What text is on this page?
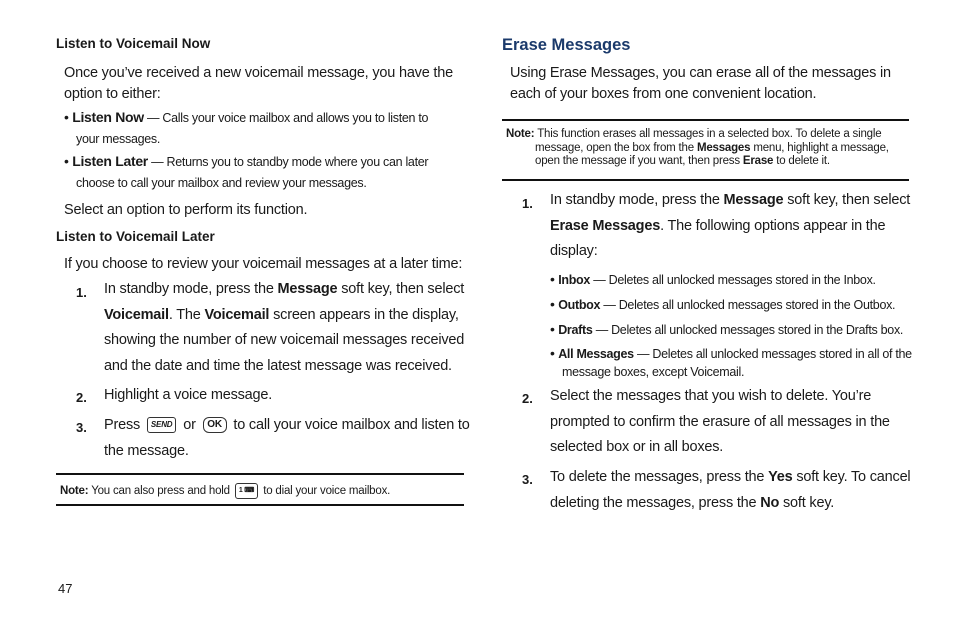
Listen to Voicemail Now
Once you’ve received a new voicemail message, you have the
option to either:
• Listen Now — Calls your voice mailbox and allows you to listen to
your messages.
• Listen Later — Returns you to standby mode where you can later
choose to call your mailbox and review your messages.
Select an option to perform its function.
Listen to Voicemail Later
If you choose to review your voicemail messages at a later time:
1. In standby mode, press the Message soft key, then select
Voicemail. The Voicemail screen appears in the display,
showing the number of new voicemail messages received
and the date and time the latest message was received.
2. Highlight a voice message.
3. Press SEND or OK to call your voice mailbox and listen to
the message.
Note: You can also press and hold 1 ⌨ to dial your voice mailbox.
Erase Messages
Using Erase Messages, you can erase all of the messages in
each of your boxes from one convenient location.
Note: This function erases all messages in a selected box. To delete a single
message, open the box from the Messages menu, highlight a message,
open the message if you want, then press Erase to delete it.
1. In standby mode, press the Message soft key, then select
Erase Messages. The following options appear in the
display:
• Inbox — Deletes all unlocked messages stored in the Inbox.
• Outbox — Deletes all unlocked messages stored in the Outbox.
• Drafts — Deletes all unlocked messages stored in the Drafts box.
• All Messages — Deletes all unlocked messages stored in all of the
message boxes, except Voicemail.
2. Select the messages that you wish to delete. You’re
prompted to confirm the erasure of all messages in the
selected box or in all boxes.
3. To delete the messages, press the Yes soft key. To cancel
deleting the messages, press the No soft key.
47
